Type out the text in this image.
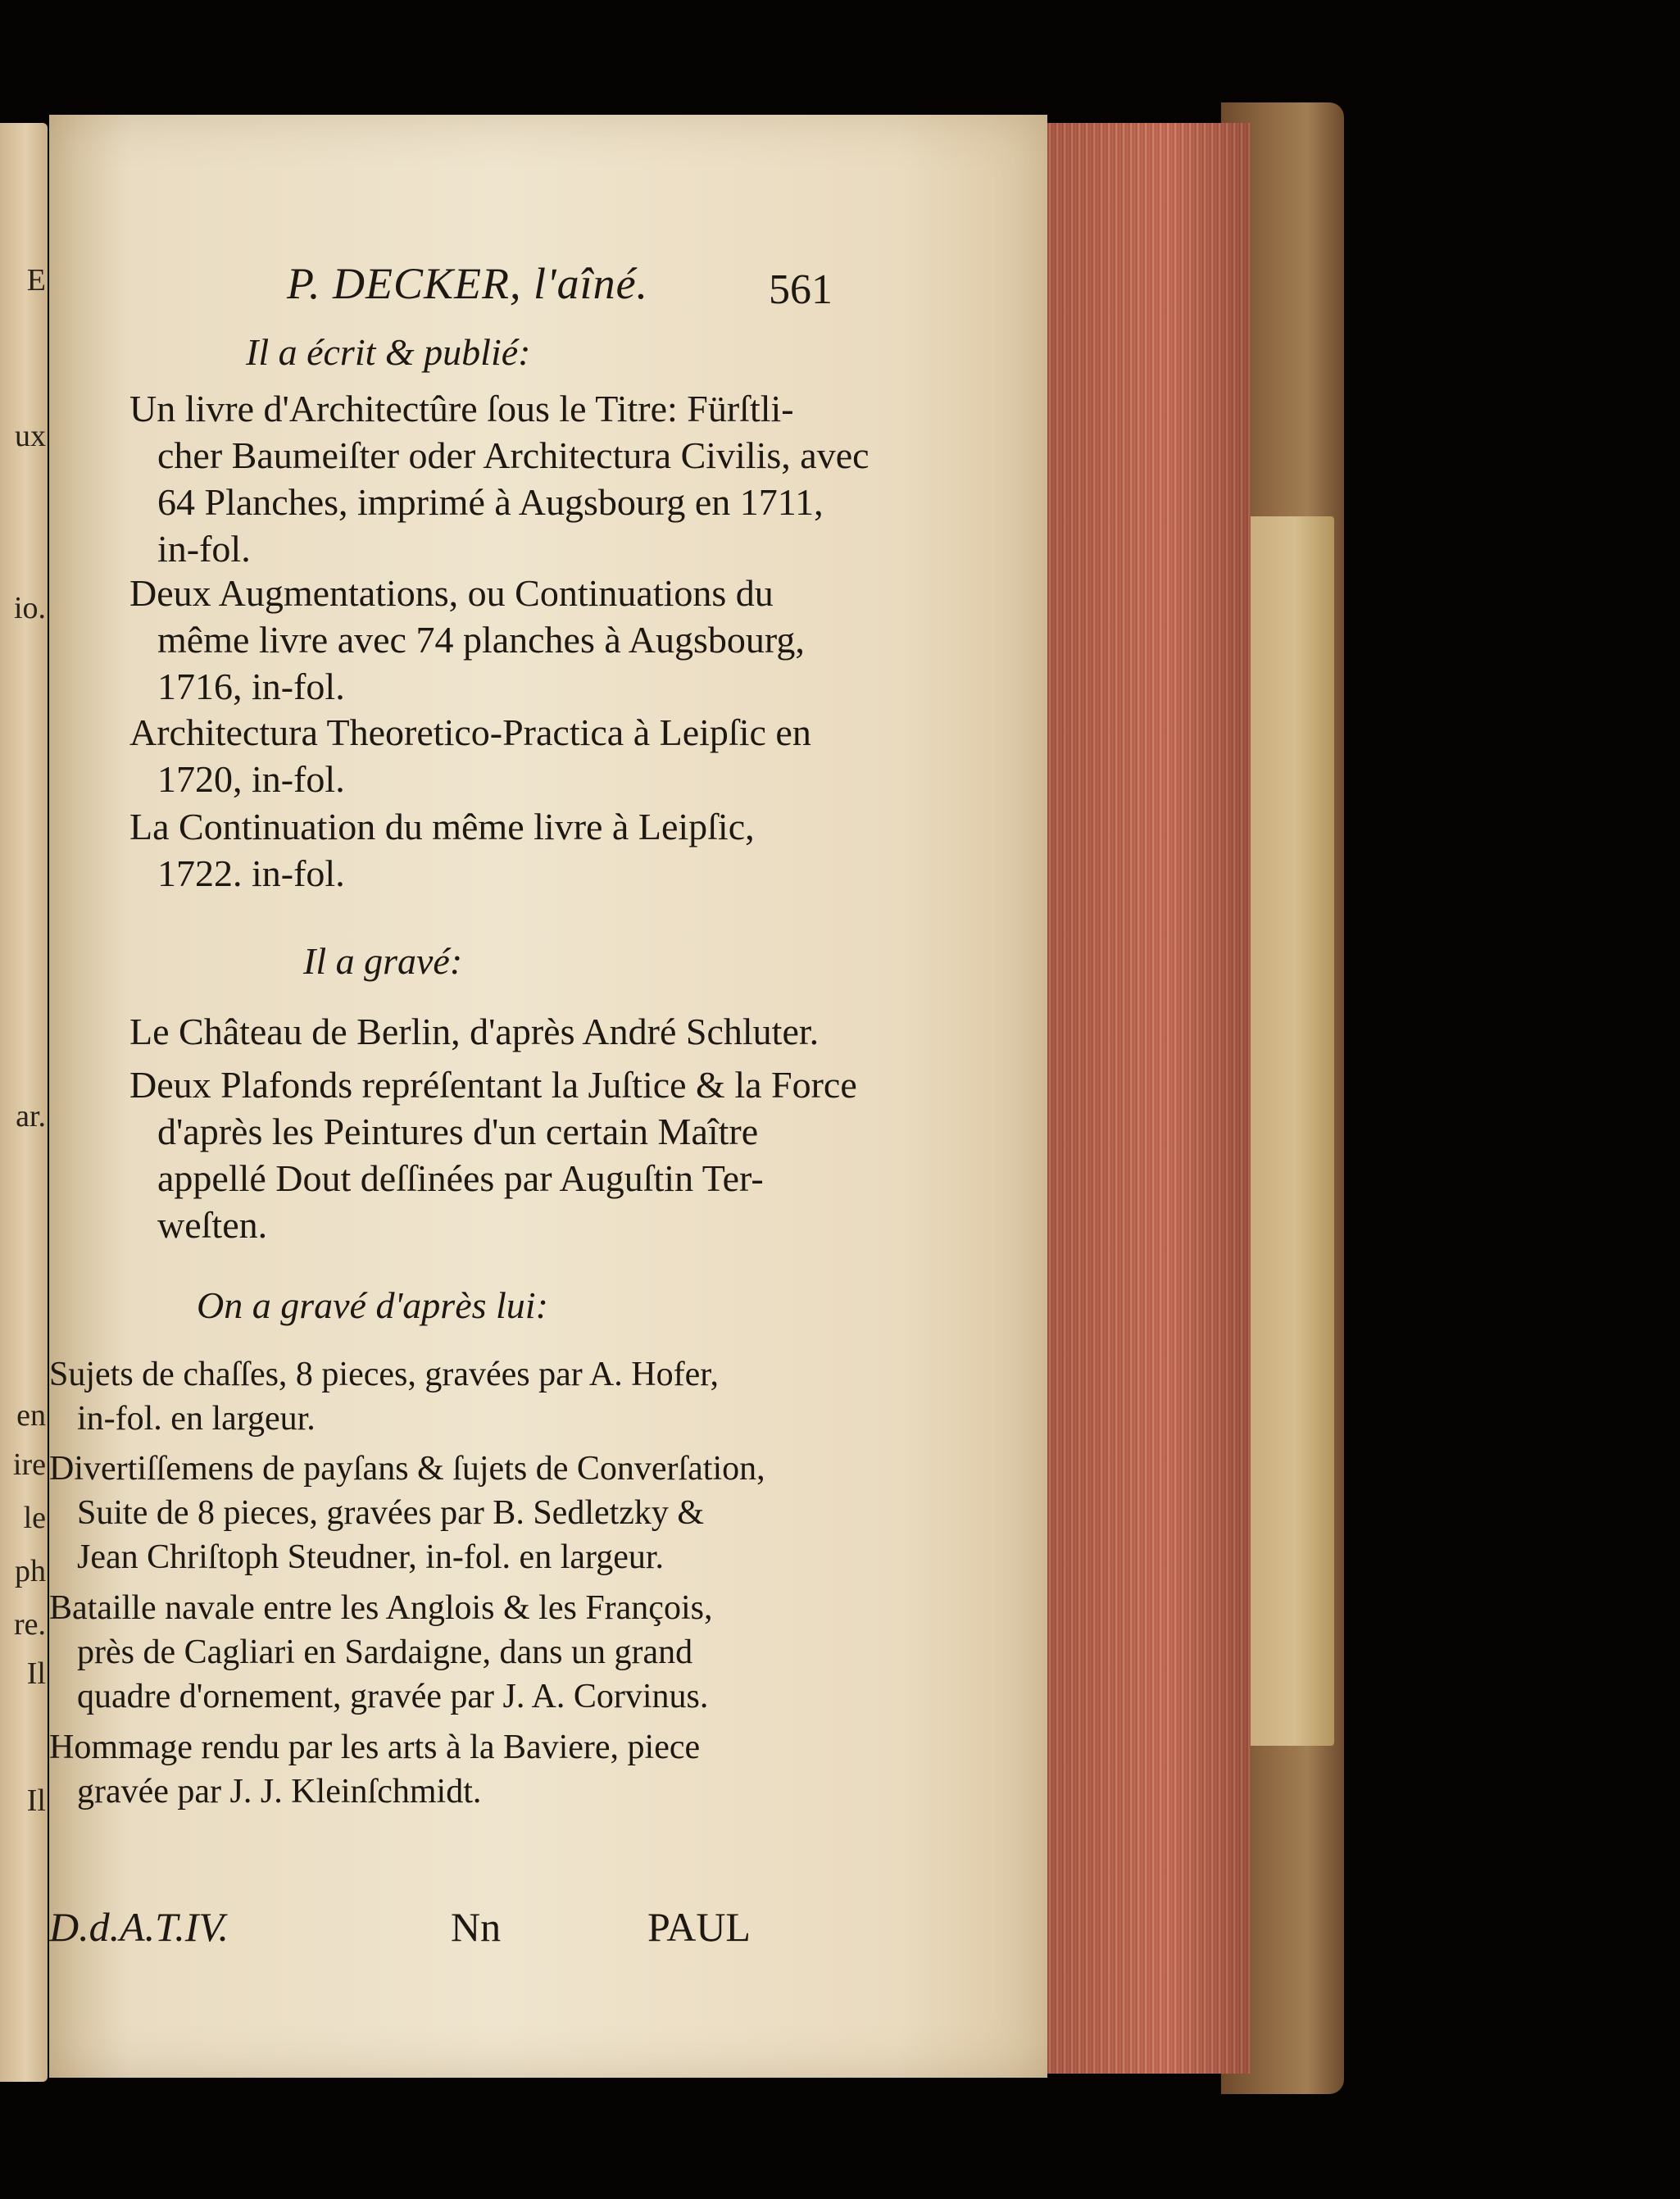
E
ux
io.
ar.
en
ire
le
ph
re.
Il
Il
P. DECKER, l'aîné.	561
Il a écrit & publié:
Un livre d'Architectûre ſous le Titre: Fürſtli-
cher Baumeiſter oder Architectura Civilis, avec
64 Planches, imprimé à Augsbourg en 1711,
in-fol.
Deux Augmentations, ou Continuations du
même livre avec 74 planches à Augsbourg,
1716, in-fol.
Architectura Theoretico-Practica à Leipſic en
1720, in-fol.
La Continuation du même livre à Leipſic,
1722. in-fol.
Il a gravé:
Le Château de Berlin, d'après André Schluter.
Deux Plafonds repréſentant la Juſtice & la Force
d'après les Peintures d'un certain Maître
appellé Dout deſſinées par Auguſtin Ter-
weſten.
On a gravé d'après lui:
Sujets de chaſſes, 8 pieces, gravées par A. Hofer,
in-fol. en largeur.
Divertiſſemens de payſans & ſujets de Converſation,
Suite de 8 pieces, gravées par B. Sedletzky &
Jean Chriſtoph Steudner, in-fol. en largeur.
Bataille navale entre les Anglois & les François,
près de Cagliari en Sardaigne, dans un grand
quadre d'ornement, gravée par J. A. Corvinus.
Hommage rendu par les arts à la Baviere, piece
gravée par J. J. Kleinſchmidt.
D.d.A.T.IV.	Nn	PAUL
